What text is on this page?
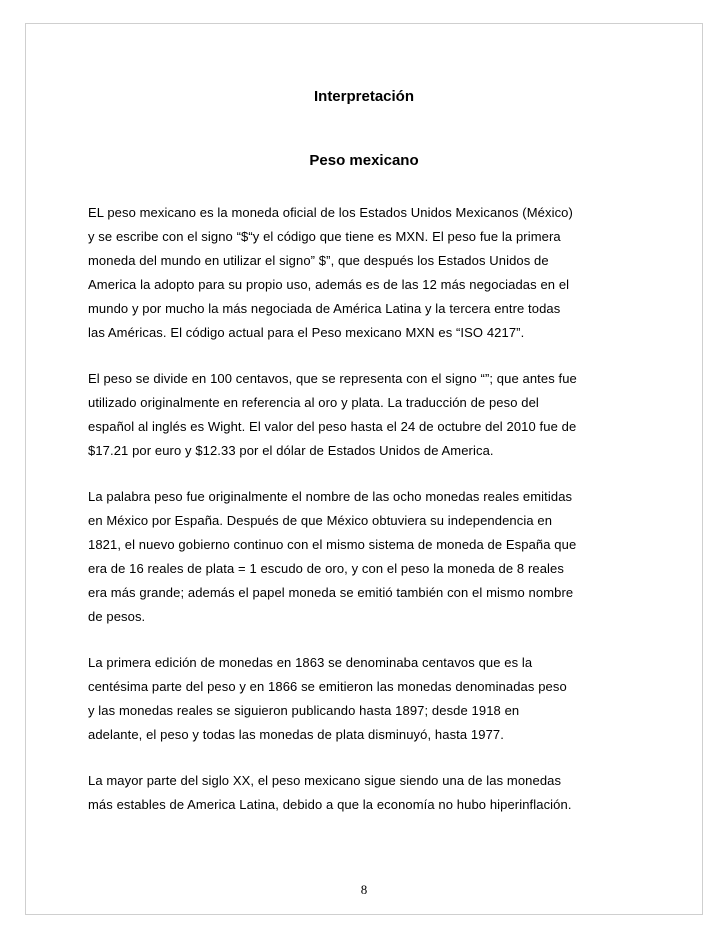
Interpretación
Peso mexicano

EL peso mexicano es la moneda oficial de los Estados Unidos Mexicanos (México)
y se escribe con el signo “$“y el código que tiene es MXN. El peso fue la primera
moneda del mundo en utilizar el signo” $”, que después los Estados Unidos de
America la adopto para su propio uso, además es de las 12 más negociadas en el
mundo y por mucho la más negociada de América Latina y la tercera entre todas
las Américas. El código actual para el Peso mexicano MXN es “ISO 4217”.

El peso se divide en 100 centavos, que se representa con el signo “”; que antes fue
utilizado originalmente en referencia al oro y plata. La traducción de peso del
español al inglés es Wight. El valor del peso hasta el 24 de octubre del 2010 fue de
$17.21 por euro y $12.33 por el dólar de Estados Unidos de America.

La palabra peso fue originalmente el nombre de las ocho monedas reales emitidas
en México por España. Después de que México obtuviera su independencia en
1821, el nuevo gobierno continuo con el mismo sistema de moneda de España que
era de 16 reales de plata = 1 escudo de oro, y con el peso la moneda de 8 reales
era más grande; además el papel moneda se emitió también con el mismo nombre
de pesos.

La primera edición de monedas en 1863 se denominaba centavos que es la
centésima parte del peso y en 1866 se emitieron las monedas denominadas peso
y las monedas reales se siguieron publicando hasta 1897; desde 1918 en
adelante, el peso y todas las monedas de plata disminuyó, hasta 1977.

La mayor parte del siglo XX, el peso mexicano sigue siendo una de las monedas
más estables de America Latina, debido a que la economía no hubo hiperinflación.

8
